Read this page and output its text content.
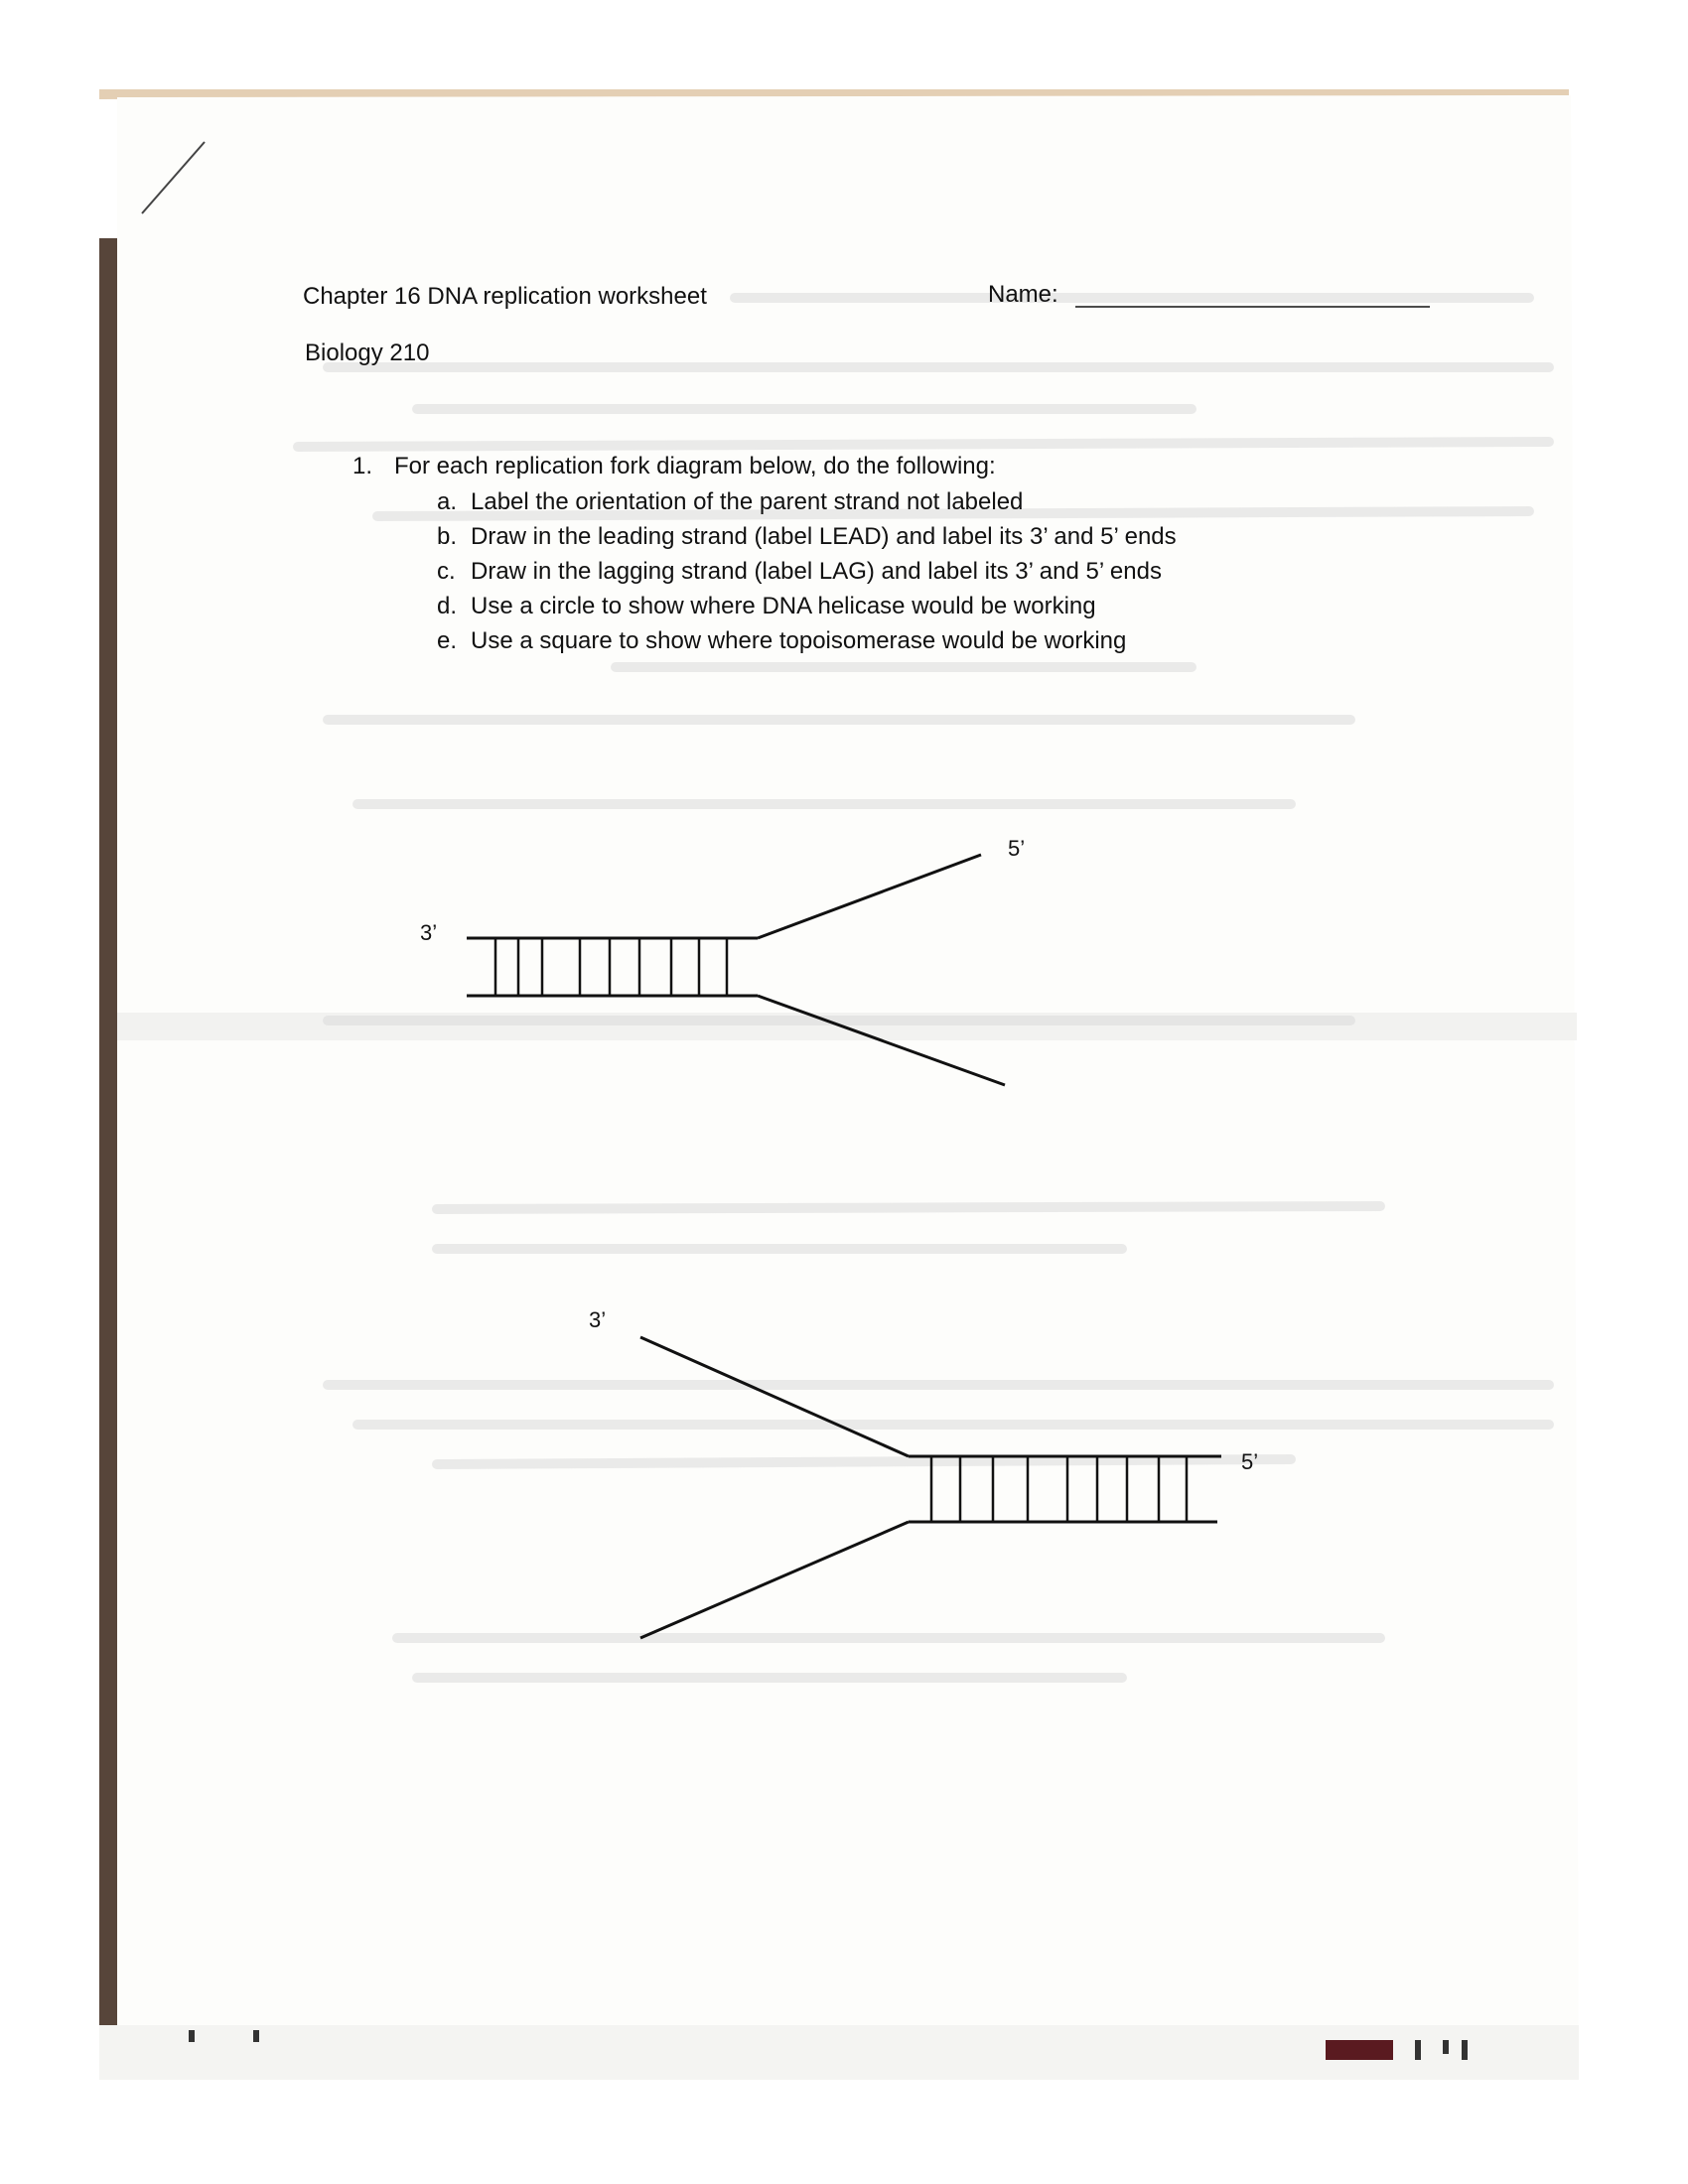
Chapter 16 DNA replication worksheet	Name:
Biology 210
1. For each replication fork diagram below, do the following:
a. Label the orientation of the parent strand not labeled
b. Draw in the leading strand (label LEAD) and label its 3’ and 5’ ends
c. Draw in the lagging strand (label LAG) and label its 3’ and 5’ ends
d. Use a circle to show where DNA helicase would be working
e. Use a square to show where topoisomerase would be working
3’
5’
3’
5’
